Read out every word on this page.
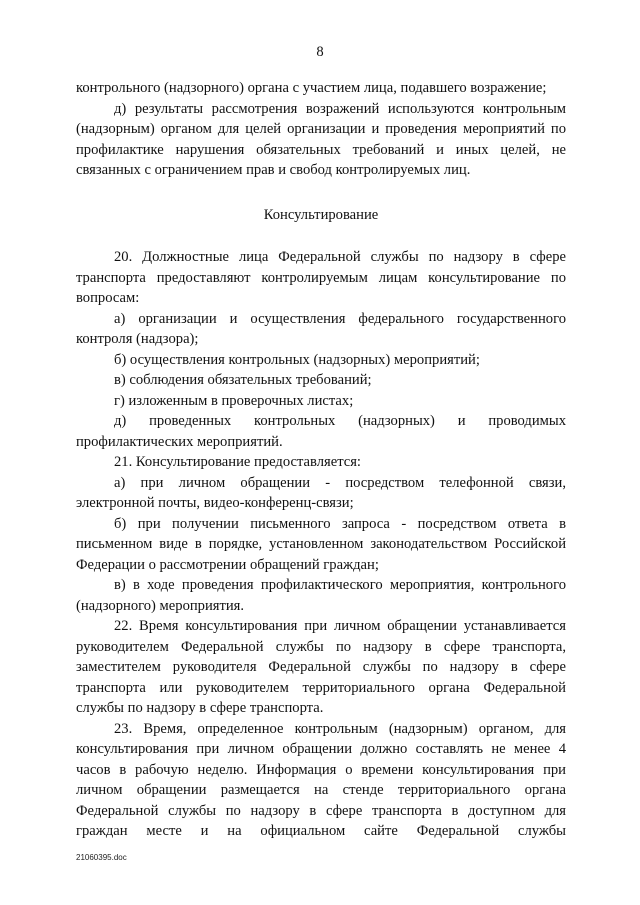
8

контрольного (надзорного) органа с участием лица, подавшего возражение;

д) результаты рассмотрения возражений используются контрольным (надзорным) органом для целей организации и проведения мероприятий по профилактике нарушения обязательных требований и иных целей, не связанных с ограничением прав и свобод контролируемых лиц.

Консультирование

20. Должностные лица Федеральной службы по надзору в сфере транспорта предоставляют контролируемым лицам консультирование по вопросам:

а) организации и осуществления федерального государственного контроля (надзора);

б) осуществления контрольных (надзорных) мероприятий;

в) соблюдения обязательных требований;

г) изложенным в проверочных листах;

д) проведенных контрольных (надзорных) и проводимых профилактических мероприятий.

21. Консультирование предоставляется:

а) при личном обращении - посредством телефонной связи, электронной почты, видео-конференц-связи;

б) при получении письменного запроса - посредством ответа в письменном виде в порядке, установленном законодательством Российской Федерации о рассмотрении обращений граждан;

в) в ходе проведения профилактического мероприятия, контрольного (надзорного) мероприятия.

22. Время консультирования при личном обращении устанавливается руководителем Федеральной службы по надзору в сфере транспорта, заместителем руководителя Федеральной службы по надзору в сфере транспорта или руководителем территориального органа Федеральной службы по надзору в сфере транспорта.

23. Время, определенное контрольным (надзорным) органом, для консультирования при личном обращении должно составлять не менее 4 часов в рабочую неделю. Информация о времени консультирования при личном обращении размещается на стенде территориального органа Федеральной службы по надзору в сфере транспорта в доступном для граждан месте и на официальном сайте Федеральной службы

21060395.doc
